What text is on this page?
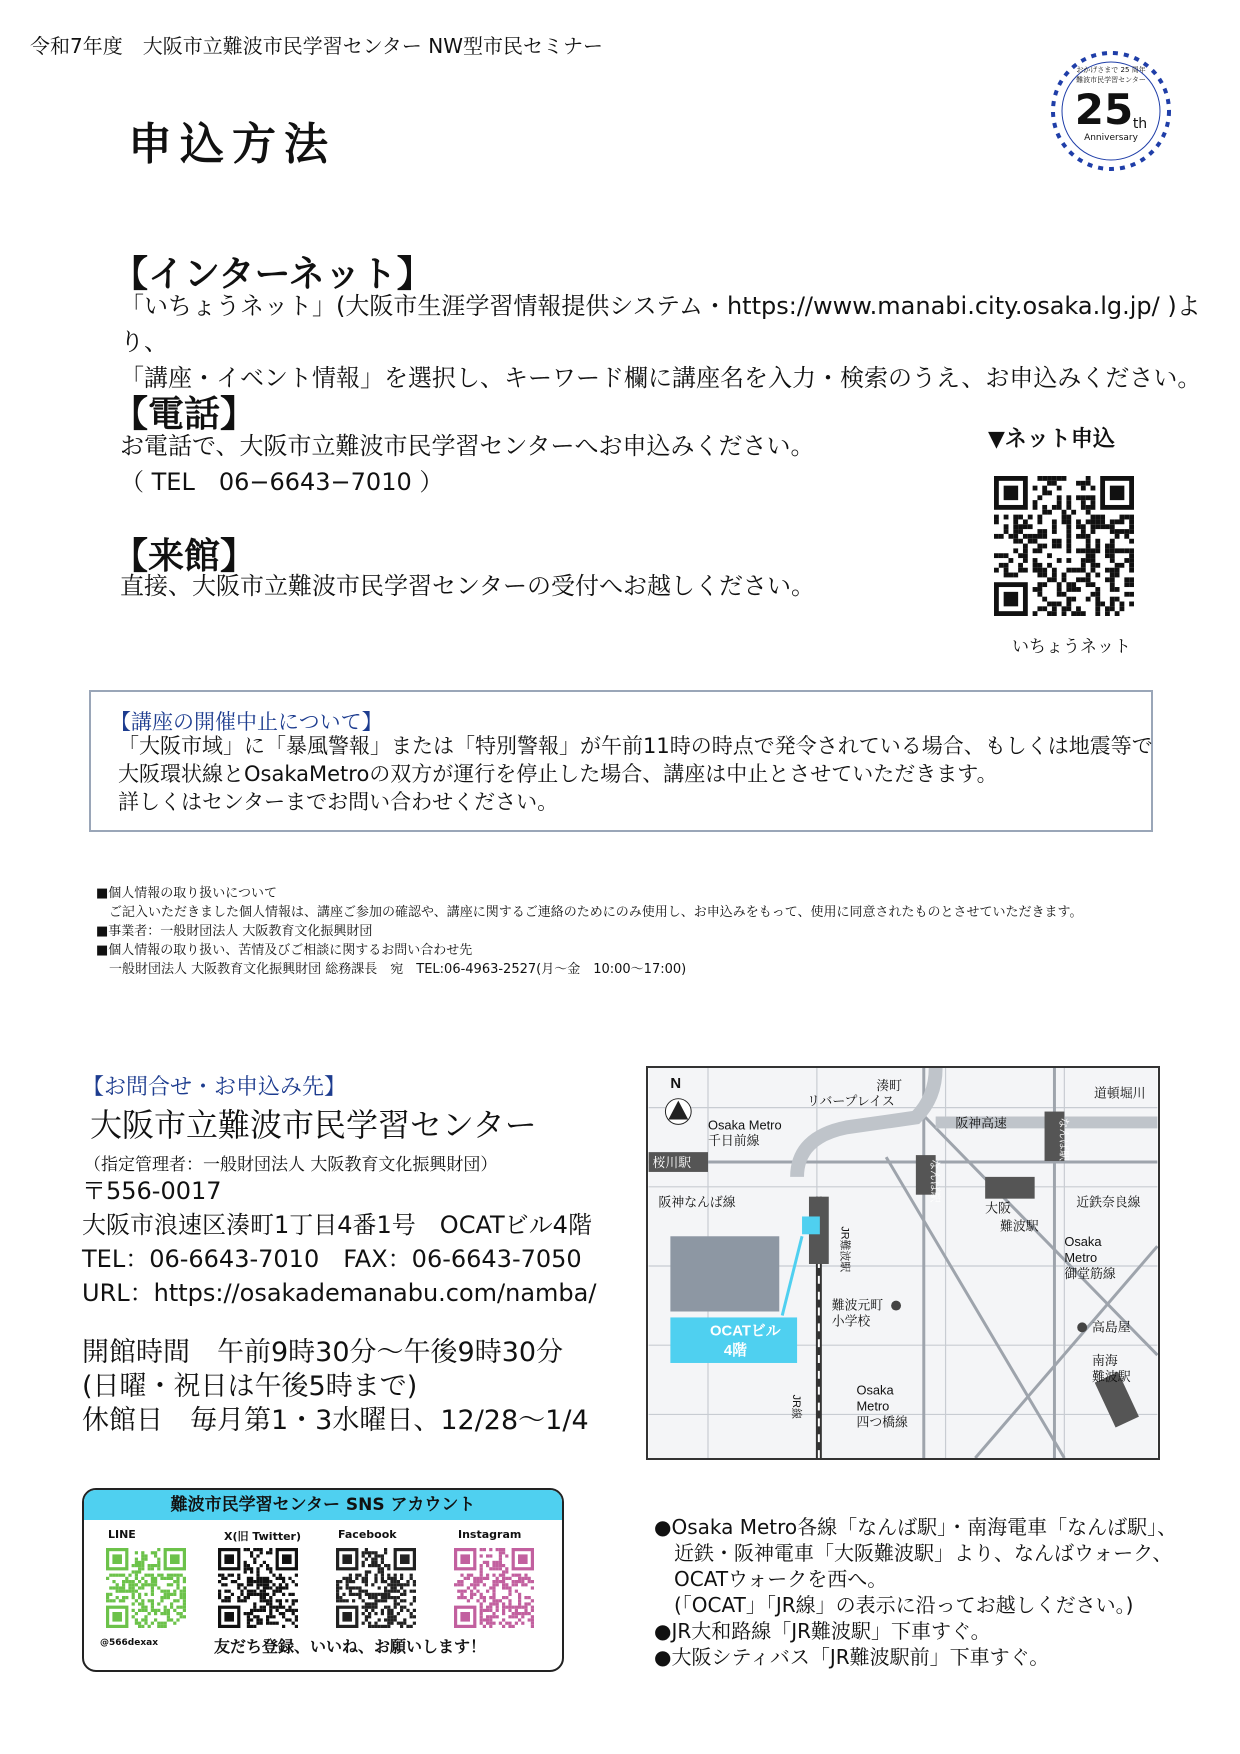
令和7年度　大阪市立難波市民学習センター NW型市民セミナー
申込方法
おかげさまで 25 周年
難波市民学習センター
25 th
Anniversary
【インターネット】
「いちょうネット」(大阪市生涯学習情報提供システム・https://www.manabi.city.osaka.lg.jp/ )より、
「講座・イベント情報」を選択し、キーワード欄に講座名を入力・検索のうえ、お申込みください。
【電話】
お電話で、大阪市立難波市民学習センターへお申込みください。
（ TEL　06−6643−7010 ）
【来館】
直接、大阪市立難波市民学習センターの受付へお越しください。
▼ネット申込
いちょうネット
【講座の開催中止について】
「大阪市域」に「暴風警報」または「特別警報」が午前11時の時点で発令されている場合、もしくは地震等で
大阪環状線とOsakaMetroの双方が運行を停止した場合、講座は中止とさせていただきます。
詳しくはセンターまでお問い合わせください。
■個人情報の取り扱いについて
　ご記入いただきました個人情報は、講座ご参加の確認や、講座に関するご連絡のためにのみ使用し、お申込みをもって、使用に同意されたものとさせていただきます。
■事業者：一般財団法人 大阪教育文化振興財団
■個人情報の取り扱い、苦情及びご相談に関するお問い合わせ先
　一般財団法人 大阪教育文化振興財団 総務課長　宛　TEL:06-4963-2527(月〜金　10:00〜17:00)
【お問合せ・お申込み先】
大阪市立難波市民学習センター
（指定管理者：一般財団法人 大阪教育文化振興財団）
〒556-0017
大阪市浪速区湊町1丁目4番1号　OCATビル4階
TEL：06-6643-7010　FAX：06-6643-7050
URL：https://osakademanabu.com/namba/
開館時間　午前9時30分～午後9時30分
(日曜・祝日は午後5時まで)
休館日　毎月第1・3水曜日、12/28～1/4
難波市民学習センター SNS アカウント
LINE	X(旧 Twitter)	Facebook	Instagram
@566dexax	友だち登録、いいね、お願いします！
N	湊町
リバープレイス
道頓堀川
Osaka Metro
千日前線
阪神高速
桜川駅
阪神なんば線	大阪
難波駅
近鉄奈良線
Osaka
Metro
御堂筋線
難波元町
小学校	高島屋
南海
難波駅
Osaka
Metro
四つ橋線
OCATビル
4階
JR難波駅
JR線
なんば駅
なんば駅
●Osaka Metro各線「なんば駅」・南海電車「なんば駅」、
　近鉄・阪神電車「大阪難波駅」より、なんばウォーク、
　OCATウォークを西へ。
　(「OCAT」「JR線」の表示に沿ってお越しください。)
●JR大和路線「JR難波駅」下車すぐ。
●大阪シティバス「JR難波駅前」下車すぐ。
